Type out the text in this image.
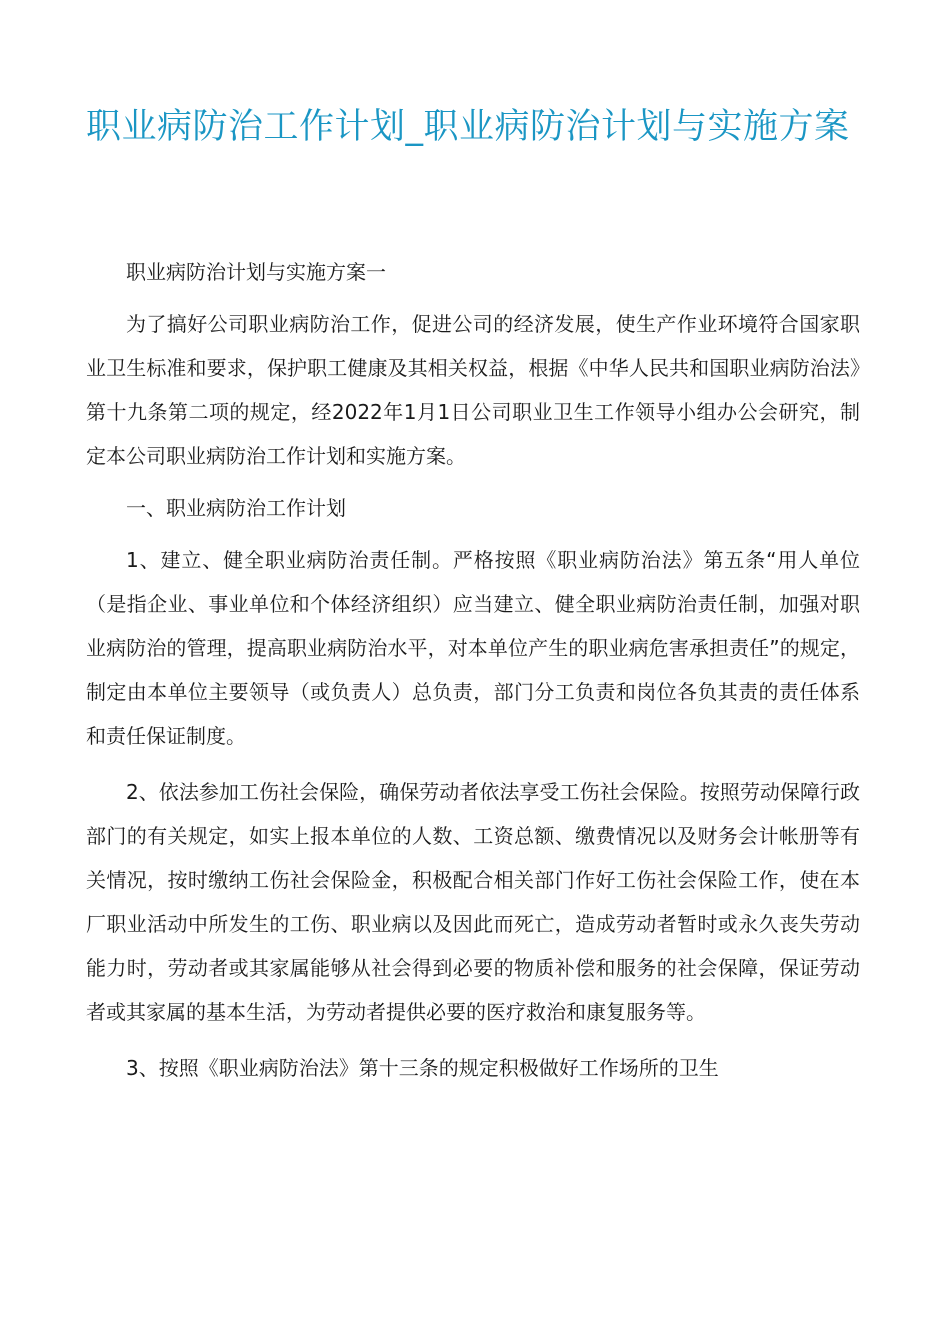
职业病防治工作计划_职业病防治计划与实施方案

职业病防治计划与实施方案一

为了搞好公司职业病防治工作，促进公司的经济发展，使生产作业环境符合国家职业卫生标准和要求，保护职工健康及其相关权益，根据《中华人民共和国职业病防治法》第十九条第二项的规定，经2022年1月1日公司职业卫生工作领导小组办公会研究，制定本公司职业病防治工作计划和实施方案。

一、职业病防治工作计划

1、建立、健全职业病防治责任制。严格按照《职业病防治法》第五条“用人单位（是指企业、事业单位和个体经济组织）应当建立、健全职业病防治责任制，加强对职业病防治的管理，提高职业病防治水平，对本单位产生的职业病危害承担责任”的规定，制定由本单位主要领导（或负责人）总负责，部门分工负责和岗位各负其责的责任体系和责任保证制度。

2、依法参加工伤社会保险，确保劳动者依法享受工伤社会保险。按照劳动保障行政部门的有关规定，如实上报本单位的人数、工资总额、缴费情况以及财务会计帐册等有关情况，按时缴纳工伤社会保险金，积极配合相关部门作好工伤社会保险工作，使在本厂职业活动中所发生的工伤、职业病以及因此而死亡，造成劳动者暂时或永久丧失劳动能力时，劳动者或其家属能够从社会得到必要的物质补偿和服务的社会保障，保证劳动者或其家属的基本生活，为劳动者提供必要的医疗救治和康复服务等。

3、按照《职业病防治法》第十三条的规定积极做好工作场所的卫生
